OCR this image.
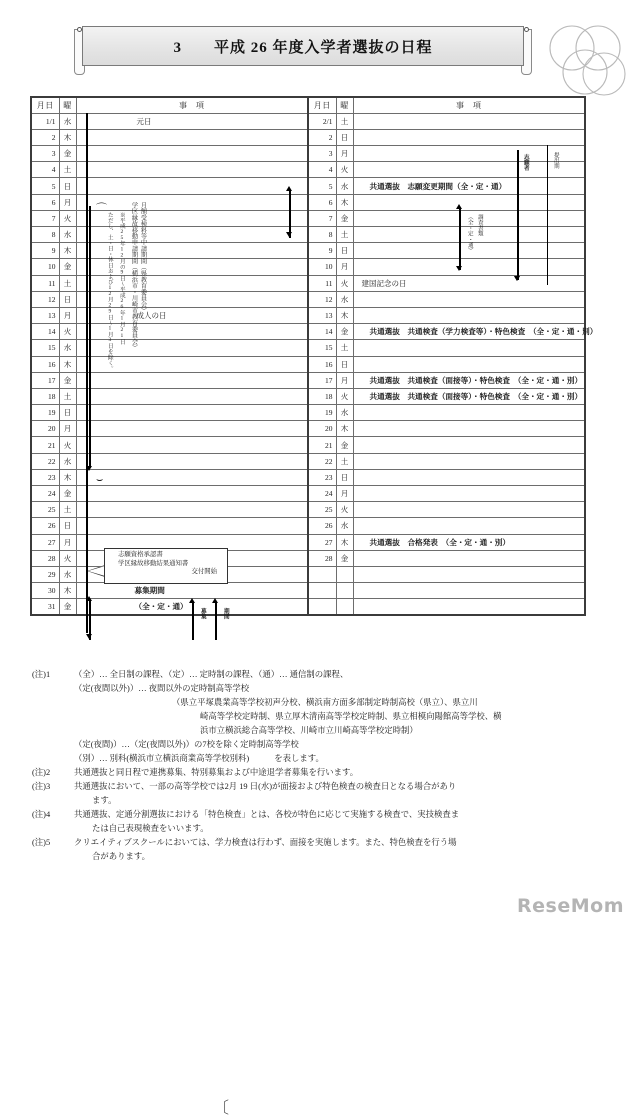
3　　 平成 26 年度入学者選抜の日程
月日	曜	事　項	月日	曜	事　項
1/1	水	元日	2/1	土	
2	木		2	日	
3	金		3	月	
4	土		4	火	
5	日		5	水	共通選抜　志願変更期間（全・定・通）
6	月		6	木	
7	火		7	金	
8	水		8	土	
9	木		9	日	
10	金		10	月	
11	土		11	火	建国記念の日
12	日		12	水	
13	月	成人の日	13	木	
14	火		14	金	共通選抜　共通検査（学力検査等）・特色検査　（全・定・通・別）
15	水		15	土	
16	木		16	日	
17	金		17	月	共通選抜　共通検査（面接等）・特色検査　（全・定・通・別）
18	土		18	火	共通選抜　共通検査（面接等）・特色検査　（全・定・通・別）
19	日		19	水	
20	月		20	木	
21	火		21	金	
22	水		22	土	
23	木		23	日	
24	金		24	月	
25	土		25	火	
26	日		26	水	
27	月		27	木	共通選抜　合格発表　（全・定・通・別）
28	火		28	金	
29	水				
30	木	募集期間			
31	金	（全・定・通）			
⌒
⌣
月額受検料等中請期間（県教育委員会）
学区縁故移動申請期間（横浜市・川崎市教育委員会）
※平成25年12月の9日～平成26年1月21日
ただし、土・日・休日および12月29日～1月3日を除く。
募集	期間
（全・定・通） 調査書類
志願者	提出期
〔
志願資格承認書
学区縁故移動結果通知書
交付開始
(注)1	（全）… 全日制の課程、（定）… 定時制の課程、（通）… 通信制の課程、
（定(夜間以外)）… 夜間以外の定時制高等学校
（県立平塚農業高等学校初声分校、横浜南方面多部制定時制高校（県立）、県立川
崎高等学校定時制、県立厚木清南高等学校定時制、県立相模向陽館高等学校、横
浜市立横浜総合高等学校、川崎市立川崎高等学校定時制）
（定(夜間)）…（定(夜間以外)）の7校を除く定時制高等学校
（別）… 別科(横浜市立横浜商業高等学校別科)　　　を表します。
(注)2	共通選抜と同日程で連携募集、特別募集および中途退学者募集を行います。
(注)3	共通選抜において、一部の高等学校では2月 19 日(水)が面接および特色検査の検査日となる場合があり
ます。
(注)4	共通選抜、定通分割選抜における「特色検査」とは、各校が特色に応じて実施する検査で、実技検査ま
たは自己表現検査をいいます。
(注)5	クリエイティブスクールにおいては、学力検査は行わず、面接を実施します。また、特色検査を行う場
合があります。
ReseMom
